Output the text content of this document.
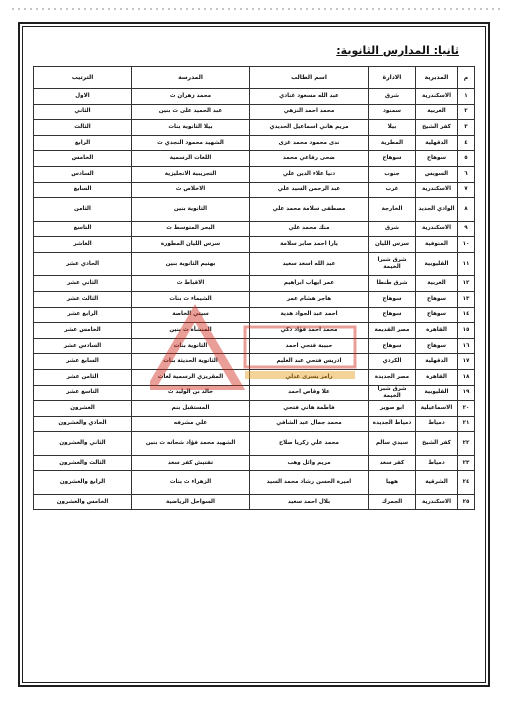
ثانيا: المدارس الثانوية:
م	المديرية	الادارة	اسم الطالب	المدرسة	الترتيب
١	الاسكندرية	شرق	عبد الله مسعود غنادي	محمد زهران ث	الاول
٢	الغربية	سمنود	محمد احمد النزهي	عبد الحميد على ث بنين	الثاني
٣	كفر الشيخ	بيلا	مريم هاني اسماعيل الحديدي	بيلا الثانوية بنات	الثالث
٤	الدقهلية	المطرية	ندى محمود محمد غزى	الشهيد محمود النجدي ث	الرابع
٥	سوهاج	سوهاج	ضحى رفاعي محمد	اللغات الرسمية	الخامس
٦	السويس	جنوب	دنيا علاء الدين علي	التجريبية الانجليزية	السادس
٧	الاسكندرية	غرب	عبد الرحمن السيد علي	الاخلاص ث	السابع
٨	الوادي الجديد	الخارجة	مصطفى سلامة محمد علي	الثانوية بنين	الثامن
٩	الاسكندرية	شرق	منك محمد علي	البحر المتوسط ث	التاسع
١٠	المنوفية	سرس الليان	يارا احمد صابر سلامة	سرس الليان المطورة	العاشر
١١	القليوبية	شرق شبرا الخيمة	عبد الله اسعد سعيد	بهتيم الثانوية بنين	الحادي عشر
١٢	الغربية	شرق طنطا	عمر ايهاب ابراهيم	الاقباط ث	الثاني عشر
١٣	سوهاج	سوهاج	هاجر هشام عمر	الشيماء ث بنات	الثالث عشر
١٤	سوهاج	سوهاج	احمد عبد الجواد هدية	سيتي الخاصة	الرابع عشر
١٥	القاهرة	مصر القديمة	محمد احمد فؤاد ذكي	المنشأة ث بنين	الخامس عشر
١٦	سوهاج	سوهاج	حبيبة فتحي احمد	الثانوية بنات	السادس عشر
١٧	الدقهلية	الكردي	ادريس فتحي عبد العليم	الثانوية الحديثة بنات	السابع عشر
١٨	القاهرة	مصر الجديدة	رامز يسرى عدلي	المقريزي الرسمية لغات	الثامن عشر
١٩	القليوبية	شرق شبرا الخيمة	علا وقاص احمد	خالد بن الوليد ث	التاسع عشر
٢٠	الاسماعيلية	ابو صوير	فاطمة هاني فتحي	المستقبل بنم	العشرون
٢١	دمياط	دمياط الجديدة	محمد جمال عبد الشافي	علي مشرفه	الحادي والعشرون
٢٢	كفر الشيخ	سيدي سالم	محمد علي زكريا صلاح	الشهيد محمد فؤاد شحاته ث بنين	الثاني والعشرون
٢٣	دمياط	كفر سعد	مريم وائل وهب	تفتيش كفر سعد	الثالث والعشرون
٢٤	الشرقية	ههيا	اميرة الحسن رشاد محمد السيد	الزهراء ث بنات	الرابع والعشرون
٢٥	الاسكندرية	الجمرك	بلال احمد سعيد	السواحل الرياضية	الخامس والعشرون
